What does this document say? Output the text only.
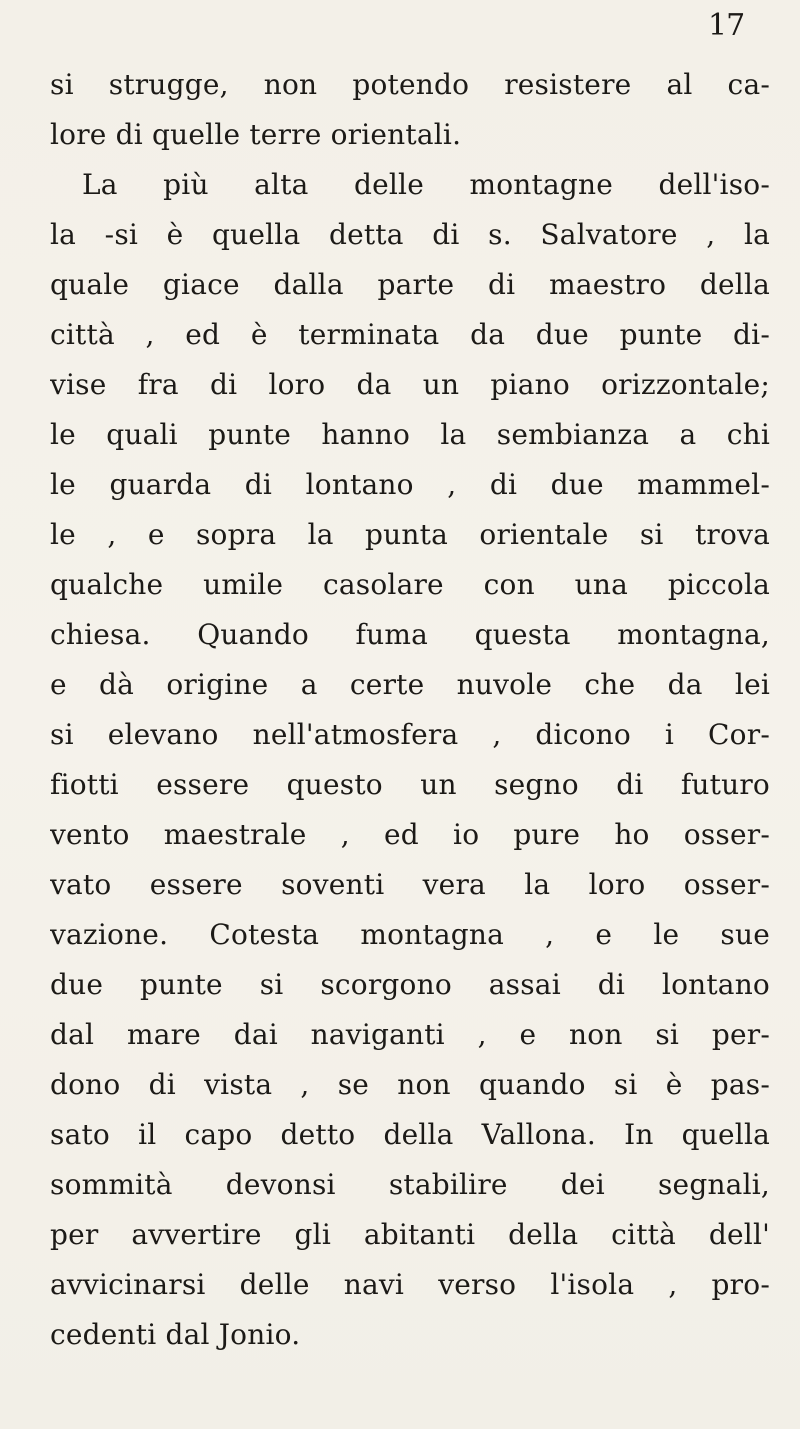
17
si strugge, non potendo resistere al ca-
lore di quelle terre orientali.
La più alta delle montagne dell'iso-
la -si è quella detta di s. Salvatore , la
quale giace dalla parte di maestro della
città , ed è terminata da due punte di-
vise fra di loro da un piano orizzontale;
le quali punte hanno la sembianza a chi
le guarda di lontano , di due mammel-
le , e sopra la punta orientale si trova
qualche umile casolare con una piccola
chiesa. Quando fuma questa montagna,
e dà origine a certe nuvole che da lei
si elevano nell'atmosfera , dicono i Cor-
fiotti essere questo un segno di futuro
vento maestrale , ed io pure ho osser-
vato essere soventi vera la loro osser-
vazione. Cotesta montagna , e le sue
due punte si scorgono assai di lontano
dal mare dai naviganti , e non si per-
dono di vista , se non quando si è pas-
sato il capo detto della Vallona. In quella
sommità devonsi stabilire dei segnali,
per avvertire gli abitanti della città dell'
avvicinarsi delle navi verso l'isola , pro-
cedenti dal Jonio.
